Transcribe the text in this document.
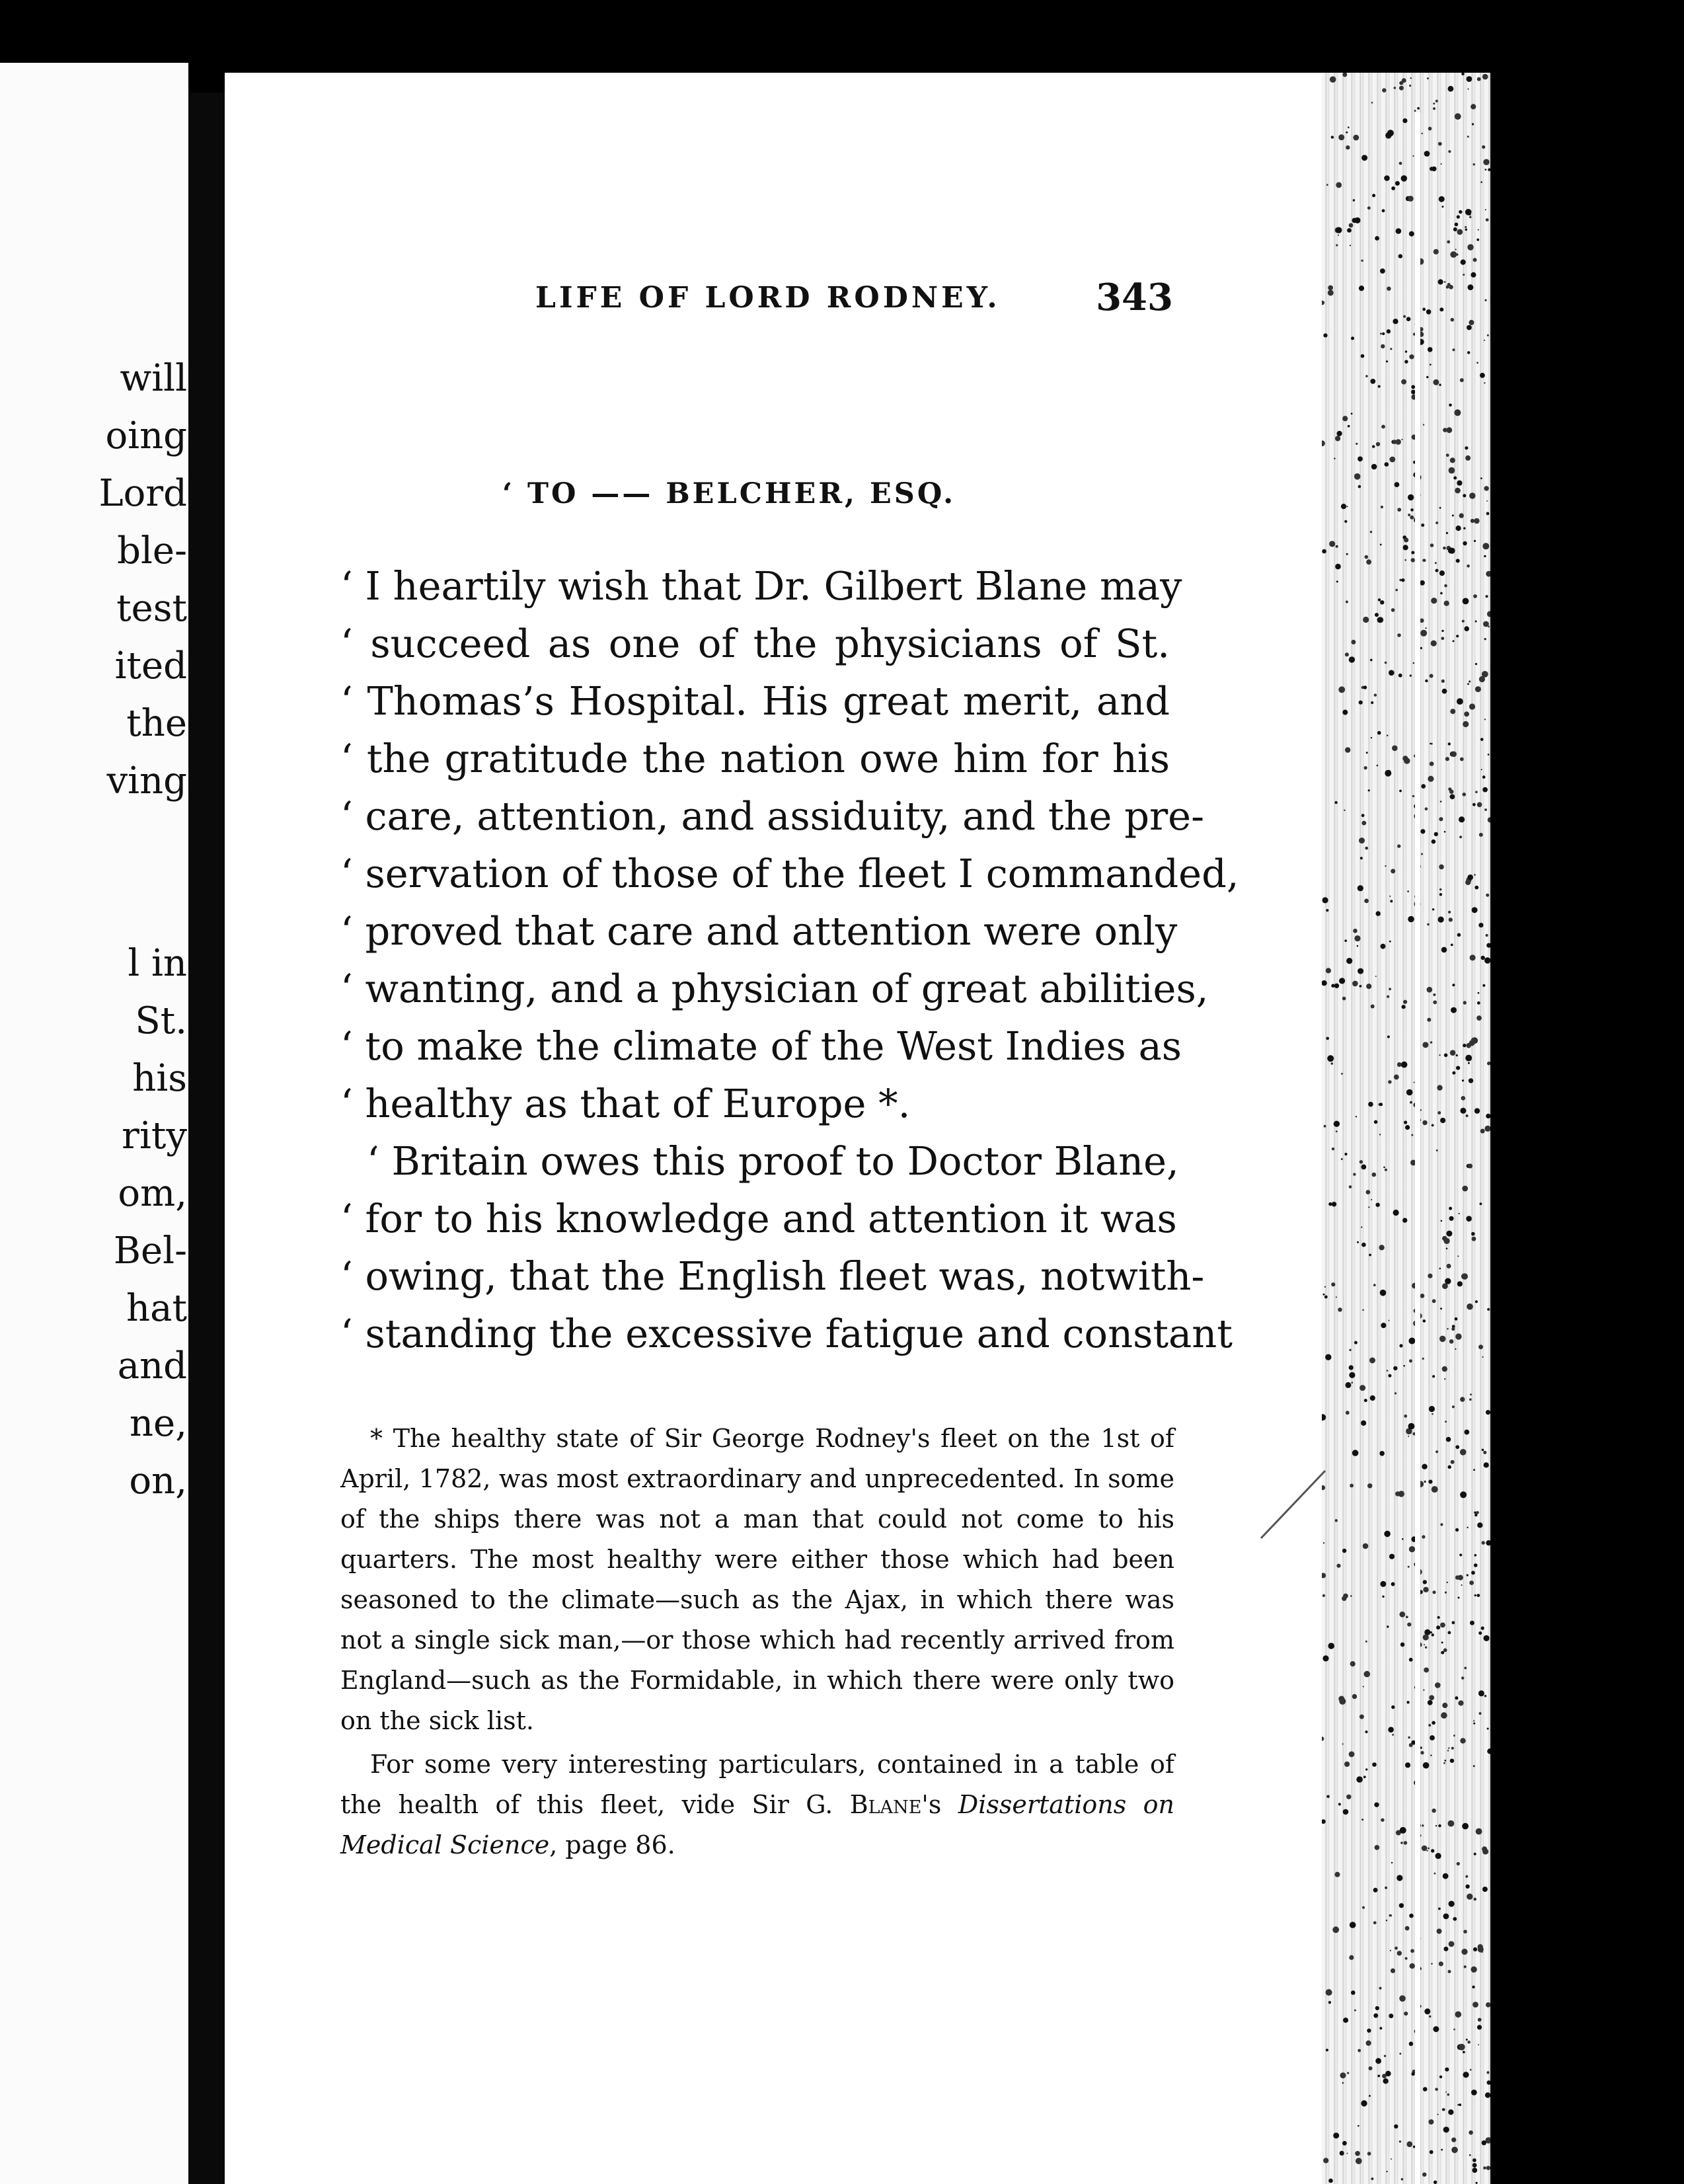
will
oing
Lord
ble-
test
ited
the
ving
l in
St.
his
rity
om,
Bel-
hat
and
ne,
on,
LIFE OF LORD RODNEY.	343
‘ TO —— BELCHER, ESQ.
‘ I heartily wish that Dr. Gilbert Blane may
‘ succeed as one of the physicians of St.
‘ Thomas’s Hospital. His great merit, and
‘ the gratitude the nation owe him for his
‘ care, attention, and assiduity, and the pre-
‘ servation of those of the fleet I commanded,
‘ proved that care and attention were only
‘ wanting, and a physician of great abilities,
‘ to make the climate of the West Indies as
‘ healthy as that of Europe *.
‘ Britain owes this proof to Doctor Blane,
‘ for to his knowledge and attention it was
‘ owing, that the English fleet was, notwith-
‘ standing the excessive fatigue and constant
* The healthy state of Sir George Rodney's fleet on the 1st of
April, 1782, was most extraordinary and unprecedented. In some
of the ships there was not a man that could not come to his
quarters. The most healthy were either those which had been
seasoned to the climate—such as the Ajax, in which there was
not a single sick man,—or those which had recently arrived from
England—such as the Formidable, in which there were only two
on the sick list.
For some very interesting particulars, contained in a table of
the health of this fleet, vide Sir G. Blane's Dissertations on
Medical Science, page 86.
